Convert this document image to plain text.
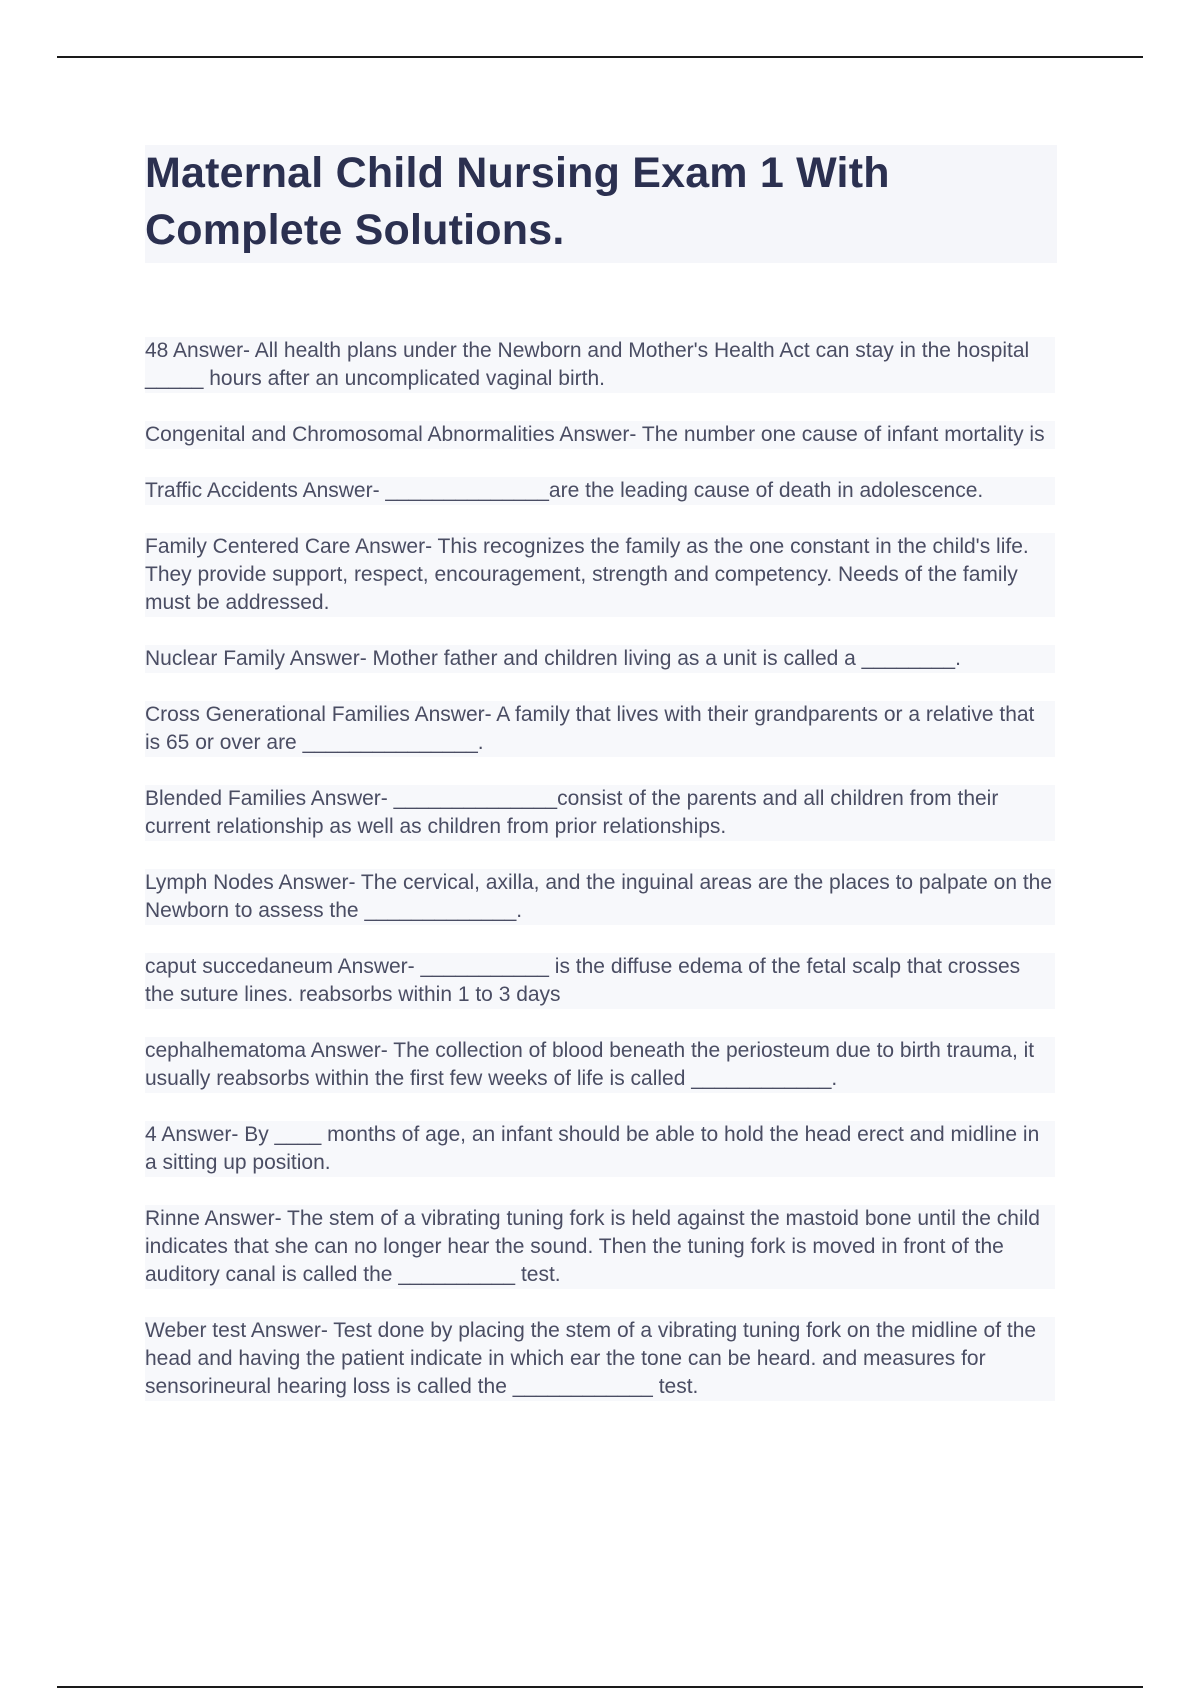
Maternal Child Nursing Exam 1 With
Complete Solutions.

48 Answer- All health plans under the Newborn and Mother's Health Act can stay in the hospital _____ hours after an uncomplicated vaginal birth.

Congenital and Chromosomal Abnormalities Answer- The number one cause of infant mortality is

Traffic Accidents Answer- ______________are the leading cause of death in adolescence.

Family Centered Care Answer- This recognizes the family as the one constant in the child's life. They provide support, respect, encouragement, strength and competency. Needs of the family must be addressed.

Nuclear Family Answer- Mother father and children living as a unit is called a ________.

Cross Generational Families Answer- A family that lives with their grandparents or a relative that is 65 or over are _______________.

Blended Families Answer- ______________consist of the parents and all children from their current relationship as well as children from prior relationships.

Lymph Nodes Answer- The cervical, axilla, and the inguinal areas are the places to palpate on the Newborn to assess the _____________.

caput succedaneum Answer- ___________ is the diffuse edema of the fetal scalp that crosses the suture lines. reabsorbs within 1 to 3 days

cephalhematoma Answer- The collection of blood beneath the periosteum due to birth trauma, it usually reabsorbs within the first few weeks of life is called ____________.

4 Answer- By ____ months of age, an infant should be able to hold the head erect and midline in a sitting up position.

Rinne Answer- The stem of a vibrating tuning fork is held against the mastoid bone until the child indicates that she can no longer hear the sound. Then the tuning fork is moved in front of the auditory canal is called the __________ test.

Weber test Answer- Test done by placing the stem of a vibrating tuning fork on the midline of the head and having the patient indicate in which ear the tone can be heard. and measures for sensorineural hearing loss is called the ____________ test.
